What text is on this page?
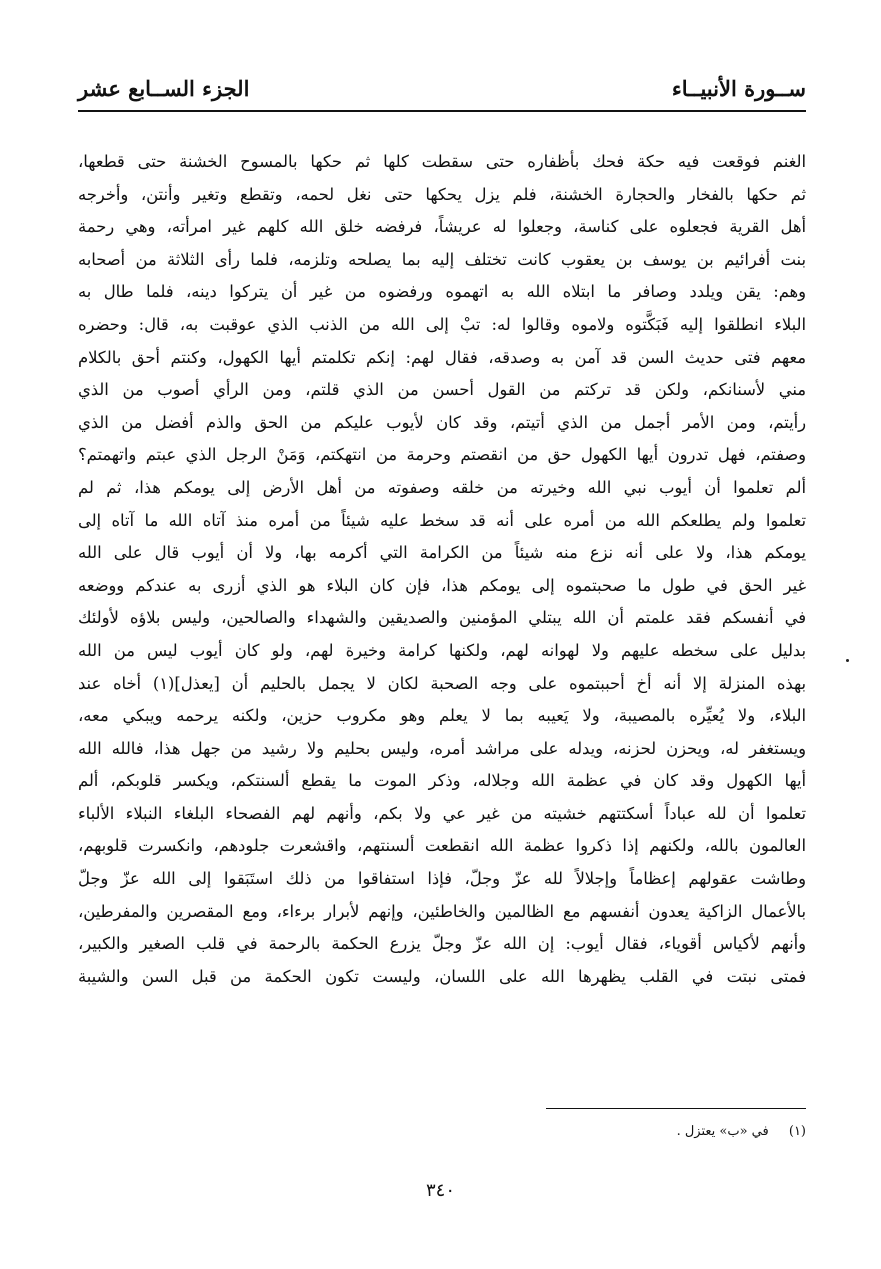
ســورة الأنبيــاء
الجزء الســابع عشر
الغنم فوقعت فيه حكة فحك بأظفاره حتى سقطت كلها ثم حكها بالمسوح الخشنة حتى قطعها،
ثم حكها بالفخار والحجارة الخشنة، فلم يزل يحكها حتى نغل لحمه، وتقطع وتغير وأنتن، وأخرجه
أهل القرية فجعلوه على كناسة، وجعلوا له عريشاً، فرفضه خلق الله كلهم غير امرأته، وهي رحمة
بنت أفرائيم بن يوسف بن يعقوب كانت تختلف إليه بما يصلحه وتلزمه، فلما رأى الثلاثة من أصحابه
وهم: يقن ويلدد وصافر ما ابتلاه الله به اتهموه ورفضوه من غير أن يتركوا دينه، فلما طال به
البلاء انطلقوا إليه فَبَكَّتوه ولاموه وقالوا له: تبْ إلى الله من الذنب الذي عوقبت به، قال: وحضره
معهم فتى حديث السن قد آمن به وصدقه، فقال لهم: إنكم تكلمتم أيها الكهول، وكنتم أحق بالكلام
مني لأسنانكم، ولكن قد تركتم من القول أحسن من الذي قلتم، ومن الرأي أصوب من الذي
رأيتم، ومن الأمر أجمل من الذي أتيتم، وقد كان لأيوب عليكم من الحق والذم أفضل من الذي
وصفتم، فهل تدرون أيها الكهول حق من انقصتم وحرمة من انتهكتم، وَمَنْ الرجل الذي عبتم واتهمتم؟
ألم تعلموا أن أيوب نبي الله وخيرته من خلقه وصفوته من أهل الأرض إلى يومكم هذا، ثم لم
تعلموا ولم يطلعكم الله من أمره على أنه قد سخط عليه شيئاً من أمره منذ آتاه الله ما آتاه إلى
يومكم هذا، ولا على أنه نزع منه شيئاً من الكرامة التي أكرمه بها، ولا أن أيوب قال على الله
غير الحق في طول ما صحبتموه إلى يومكم هذا، فإن كان البلاء هو الذي أزرى به عندكم ووضعه
في أنفسكم فقد علمتم أن الله يبتلي المؤمنين والصديقين والشهداء والصالحين، وليس بلاؤه لأولئك
بدليل على سخطه عليهم ولا لهوانه لهم، ولكنها كرامة وخيرة لهم، ولو كان أيوب ليس من الله
بهذه المنزلة إلا أنه أخ أحببتموه على وجه الصحبة لكان لا يجمل بالحليم أن [يعذل](١) أخاه عند
البلاء، ولا يُعيِّره بالمصيبة، ولا يَعيبه بما لا يعلم وهو مكروب حزين، ولكنه يرحمه ويبكي معه،
ويستغفر له، ويحزن لحزنه، ويدله على مراشد أمره، وليس بحليم ولا رشيد من جهل هذا، فالله الله
أيها الكهول وقد كان في عظمة الله وجلاله، وذكر الموت ما يقطع ألسنتكم، ويكسر قلوبكم، ألم
تعلموا أن لله عباداً أسكتتهم خشيته من غير عي ولا بكم، وأنهم لهم الفصحاء البلغاء النبلاء الألباء
العالمون بالله، ولكنهم إذا ذكروا عظمة الله انقطعت ألسنتهم، واقشعرت جلودهم، وانكسرت قلوبهم،
وطاشت عقولهم إعظاماً وإجلالاً لله عزّ وجلّ، فإذا استفاقوا من ذلك استَبَقوا إلى الله عزّ وجلّ
بالأعمال الزاكية يعدون أنفسهم مع الظالمين والخاطئين، وإنهم لأبرار برءاء، ومع المقصرين والمفرطين،
وأنهم لأكياس أقوياء، فقال أيوب: إن الله عزّ وجلّ يزرع الحكمة بالرحمة في قلب الصغير والكبير،
فمتى نبتت في القلب يظهرها الله على اللسان، وليست تكون الحكمة من قبل السن والشيبة
(١) في «ب» يعتزل .
٣٤٠
